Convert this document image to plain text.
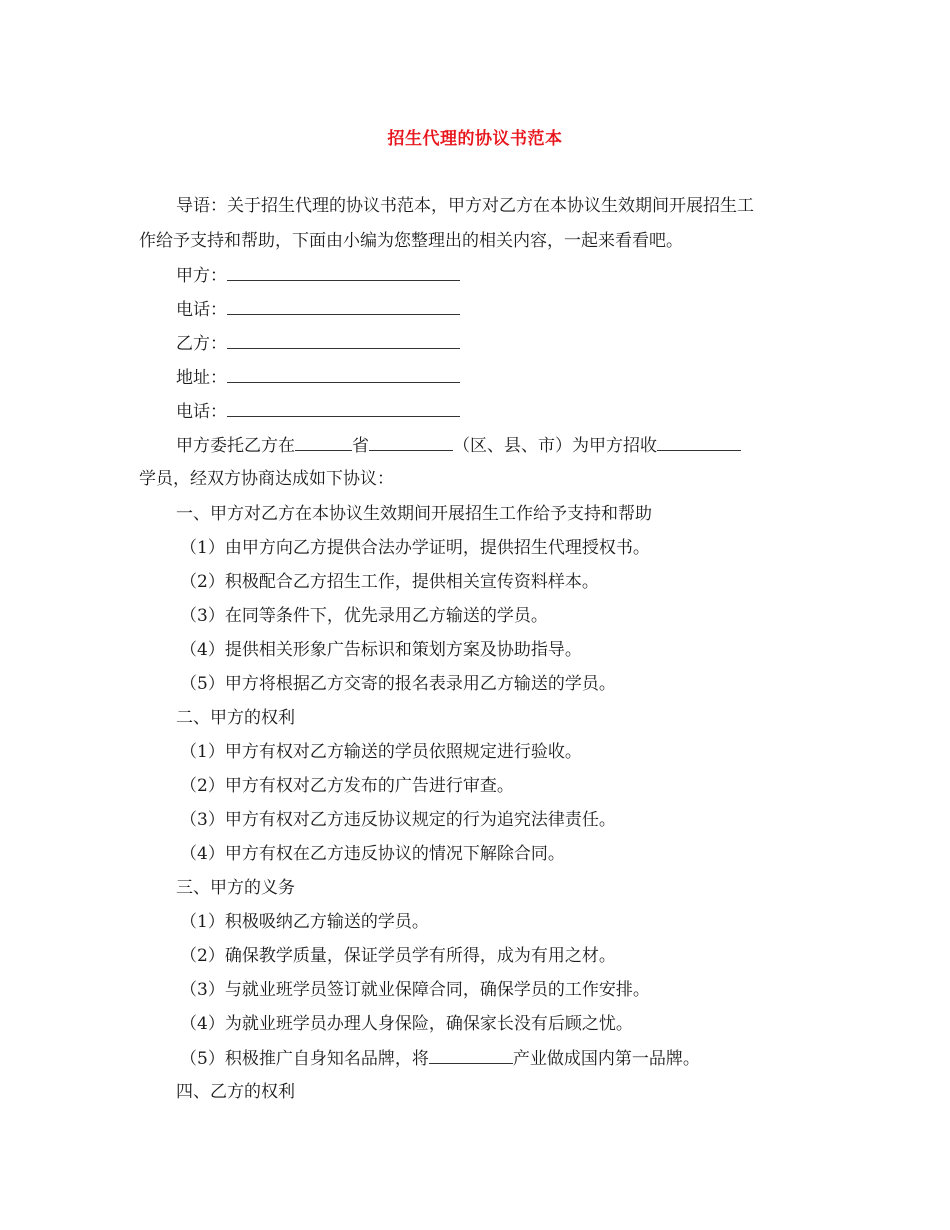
招生代理的协议书范本
导语：关于招生代理的协议书范本，甲方对乙方在本协议生效期间开展招生工
作给予支持和帮助，下面由小编为您整理出的相关内容，一起来看看吧。
甲方：
电话：
乙方：
地址：
电话：
甲方委托乙方在	省	（区、县、市）为甲方招收
学员，经双方协商达成如下协议：
一、甲方对乙方在本协议生效期间开展招生工作给予支持和帮助
（1）由甲方向乙方提供合法办学证明，提供招生代理授权书。
（2）积极配合乙方招生工作，提供相关宣传资料样本。
（3）在同等条件下，优先录用乙方输送的学员。
（4）提供相关形象广告标识和策划方案及协助指导。
（5）甲方将根据乙方交寄的报名表录用乙方输送的学员。
二、甲方的权利
（1）甲方有权对乙方输送的学员依照规定进行验收。
（2）甲方有权对乙方发布的广告进行审查。
（3）甲方有权对乙方违反协议规定的行为追究法律责任。
（4）甲方有权在乙方违反协议的情况下解除合同。
三、甲方的义务
（1）积极吸纳乙方输送的学员。
（2）确保教学质量，保证学员学有所得，成为有用之材。
（3）与就业班学员签订就业保障合同，确保学员的工作安排。
（4）为就业班学员办理人身保险，确保家长没有后顾之忧。
（5）积极推广自身知名品牌，将	产业做成国内第一品牌。
四、乙方的权利
